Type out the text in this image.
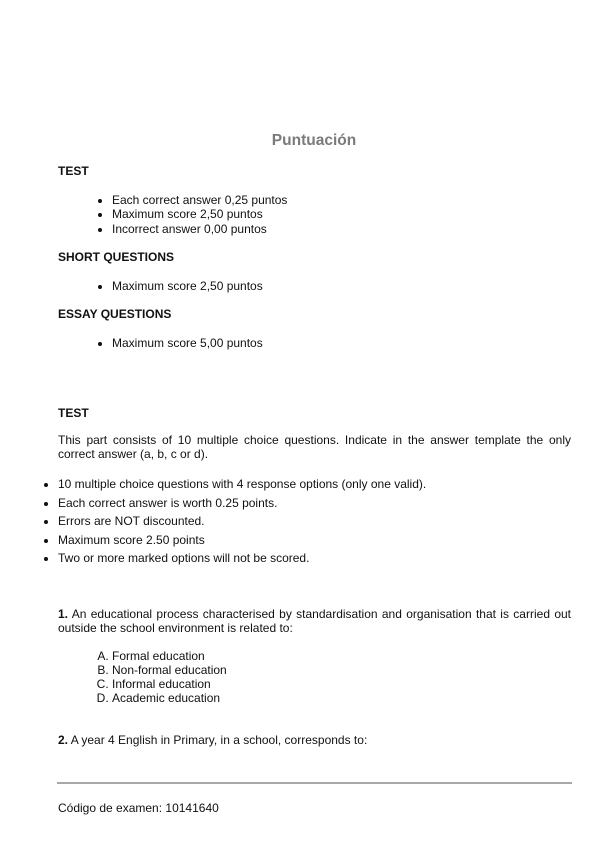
Puntuación
TEST
• Each correct answer 0,25 puntos
• Maximum score 2,50 puntos
• Incorrect answer 0,00 puntos
SHORT QUESTIONS
• Maximum score 2,50 puntos
ESSAY QUESTIONS
• Maximum score 5,00 puntos
TEST
This part consists of 10 multiple choice questions. Indicate in the answer template the only correct answer (a, b, c or d).
• 10 multiple choice questions with 4 response options (only one valid).
• Each correct answer is worth 0.25 points.
• Errors are NOT discounted.
• Maximum score 2.50 points
• Two or more marked options will not be scored.
1. An educational process characterised by standardisation and organisation that is carried out outside the school environment is related to:
A. Formal education
B. Non-formal education
C. Informal education
D. Academic education
2. A year 4 English in Primary, in a school, corresponds to:
Código de examen: 10141640
